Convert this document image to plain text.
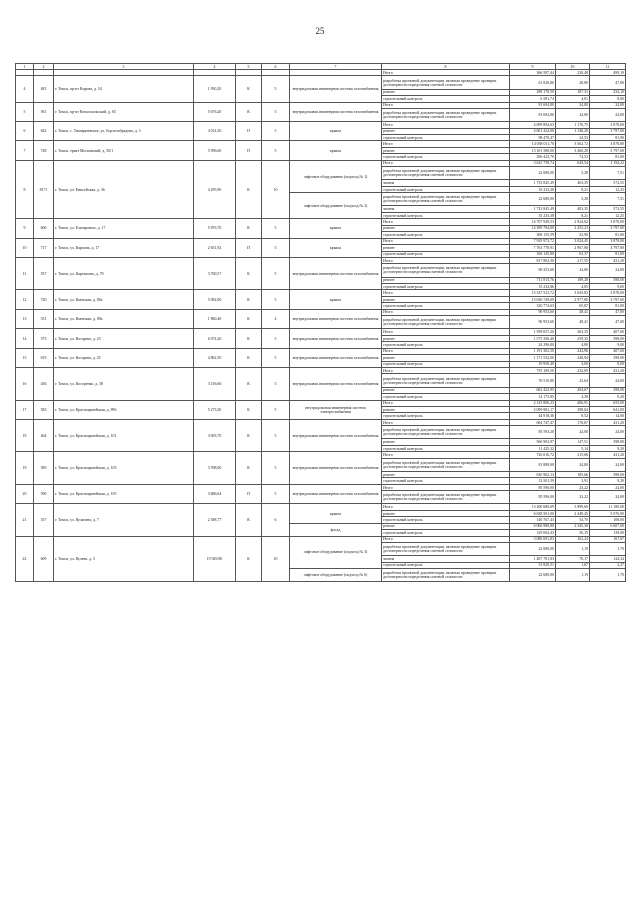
25
1	2	3	4	5	6	7	8	9	10	11
							Итого	366 587,44	230,40	499,10
4	481	г. Томск, пр-кт Кирова, д. 54	1 950,20	К	5	внутридомовая инженерная система газоснабжения	разработка проектной документации, включая проведение проверки достоверности определения сметной стоимости	61 826,80	28,80	47,00
							ремонт	298 178,50	187,31	334,10
							строительный контроль	6 581,74	4,01	8,00
5	561	г. Томск, пр-кт Комсомольский, д. 65	5 676,20	К	5	внутридомовая инженерная система газоснабжения	Итого	81 694,80	24,00	24,00
							разработка проектной документации, включая проведение проверки достоверности определения сметной стоимости	81 694,80	24,00	24,00
6	642	г. Томск, с. Тимирязевское, ул. Борзолобрадова, д. 3	4 014,30	П	5	крыша	Итого	4 699 894,63	1 170,75	3 878,00
							ремонт	4 601 424,00	1 146,20	3 797,00
							строительный контроль	98 470,47	24,53	81,00
7	748	г. Томск, тракт Московский, д. 50/1	5 996,60	П	5	крыша	Итого	14 058 011,70	3 562,72	3 878,00
							ремонт	13 161 588,00	3 460,20	3 797,00
							строительный контроль	296 423,70	74,53	81,00
8	8171	г. Томск, ул. Енисейская, д. 36	4 295,90	К	10	лифтовое оборудование (подъезд № 1)	Итого	3 625 759,74	645,54	1 194,22
							разработка проектной документации, включая проведение проверки достоверности определения сметной стоимости	22 680,00	5,28	7,51
							замена	1 733 845,49	403,35	572,55
							строительный контроль	35 233,38	8,21	12,25
						лифтовое оборудование (подъезд № 2)	разработка проектной документации, включая проведение проверки достоверности определения сметной стоимости	22 680,00	5,28	7,51
							замена	1 733 845,49	403,35	572,55
							строительный контроль	35 233,38	8,21	12,25
9	606	г. Томск, ул. Елизаровых, д. 17	5 876,70	К	5	крыша	Итого	14 707 949,53	2 924,62	3 878,00
							ремонт	14 399 794,00	2 453,23	3 797,00
							строительный контроль	308 155,59	52,90	81,00
10	717	г. Томск, ул. Карпова, д. 17	2 651,92	П	5	крыша	Итого	7 929 973,72	3 024,45	3 878,00
							ремонт	7 763 778,91	2 967,08	3 797,00
							строительный контроль	166 145,80	63,37	81,00
11	557	г. Томск, ул. Карташова, д. 70	3 760,57	К	5	внутридомовая инженерная система газоснабжения	Итого	817 802,30	217,55	431,20
							разработка проектной документации, включая проведение проверки достоверности определения сметной стоимости	90 253,68	24,00	24,00
							ремонт	711 815,76	189,28	398,00
							строительный контроль	15 232,86	4,05	9,00
12	720	г. Томск, ул. Киевская, д. 86а	5 082,00	К	5	крыша	Итого	15 337 523,72	3 043,83	3 878,00
							ремонт	15 036 749,09	2 977,80	3 797,00
							строительный контроль	330 774,63	65,87	81,00
13	551	г. Томск, ул. Киевская, д. 88а	1 860,40	К	4	внутридомовая инженерная система газоснабжения	Итого	90 953,60	48,41	47,00
							разработка проектной документации, включая проведение проверки достоверности определения сметной стоимости	90 953,60	48,41	47,00
14	575	г. Томск, ул. Косарева, д. 23	6 074,20	К	5	внутридомовая инженерная система газоснабжения	Итого	1 599 657,20	263,35	407,00
							ремонт	1 575 356,40	259,35	398,00
							строительный контроль	24 296,80	4,00	9,00
15	619	г. Томск, ул. Косарева, д. 25	4 862,50	К	5	внутридомовая инженерная система газоснабжения	Итого	1 191 302,50	244,96	407,00
							ремонт	1 171 532,00	240,94	398,00
							строительный контроль	19 950,40	4,00	9,00
16	436	г. Томск, ул. Косоренко, д. 38	3 156,60	К	5	внутридомовая инженерная система газоснабжения	Итого	755 109,50	232,69	431,20
							разработка проектной документации, включая проведение проверки достоверности определения сметной стоимости	76 510,80	23,64	24,00
							ремонт	662 422,95	204,67	398,00
							строительный контроль	14 175,85	4,38	9,20
17	583	г. Томск, ул. Красноармейская, д. 89б	5 273,50	К	5	внутридомовая инженерная система электроснабжения	Итого	2 145 806,23	406,91	655,00
							ремонт	2 099 981,17	398,04	641,00
							строительный контроль	44 918,36	8,52	14,00
18	464	г. Томск, ул. Красноармейская, д. 101	3 693,70	К	5	внутридомовая инженерная система газоснабжения	Итого	604 747,47	176,67	431,20
							разработка проектной документации, включая проведение проверки достоверности определения сметной стоимости	85 593,20	24,00	24,00
							ремонт	560 903,97	147,51	398,00
							строительный контроль	11 425,32	5,14	9,20
19	589	г. Томск, ул. Красноармейская, д. 103	3 598,00	К	5	внутридомовая инженерная система газоснабжения	Итого	726 016,72	215,66	431,20
							разработка проектной документации, включая проведение проверки достоверности определения сметной стоимости	81 888,00	24,00	24,00
							ремонт	630 962,13	185,66	398,00
							строительный контроль	13 501,59	3,91	9,20
20	590	г. Томск, ул. Красноармейская, д. 105	3 686,64	П	5	внутридомовая инженерная система газоснабжения	Итого	85 596,00	23,22	24,00
							разработка проектной документации, включая проведение проверки достоверности определения сметной стоимости	85 596,00	23,22	24,00
21	357	г. Томск, ул. Кулагина, д. 7	2 388,77	К	6	крыша	Итого	13 200 680,69	5 899,60	11 180,00
							ремонт	6 638 501,00	2 449,45	5 076,00
							строительный контроль	140 767,43	54,70	108,00
						фасад	ремонт	6 066 980,80	2 345,30	6 607,00
							строительный контроль	129 004,43	50,15	139,00
22	609	г. Томск, ул. Кулева, д. 3	19 029,80	К	10	лифтовое оборудование (подъезд № 3)	Итого	3 086 691,83	162,24	167,67
							разработка проектной документации, включая проведение проверки достоверности определения сметной стоимости	22 680,00	1,19	1,70
							замена	1 487 781,83	78,17	124,34
							строительный контроль	31 820,51	1,67	2,27
						лифтовое оборудование (подъезд № 6)	разработка проектной документации, включая проведение проверки достоверности определения сметной стоимости	22 680,00	1,19	1,70
